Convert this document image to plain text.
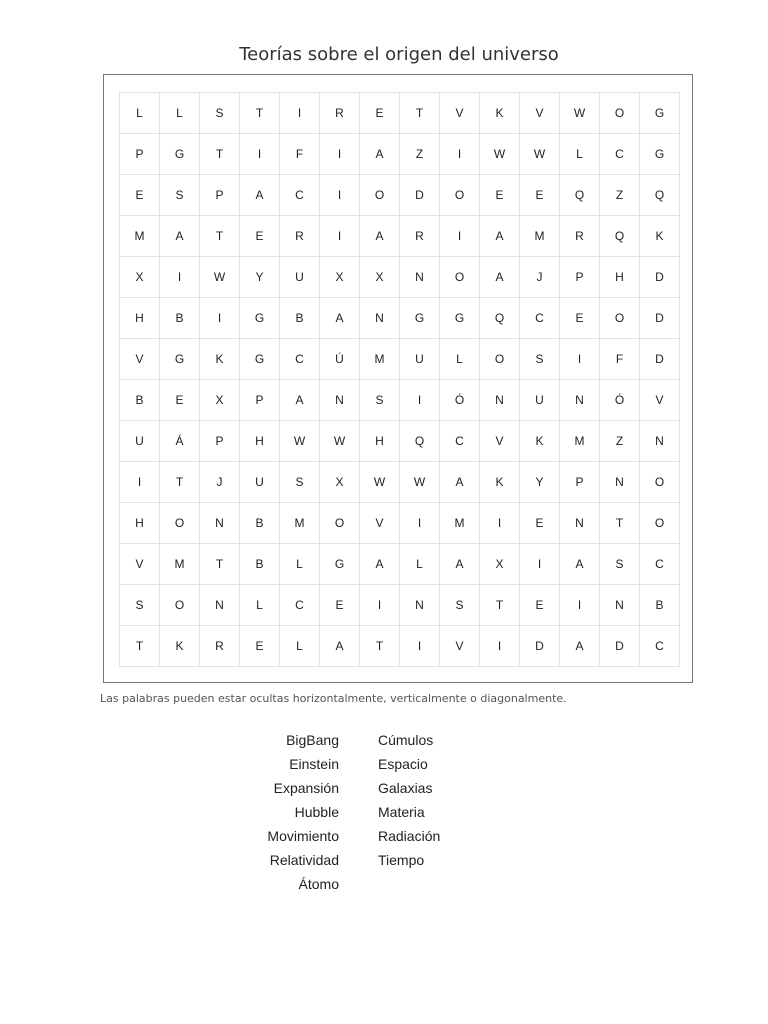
Teorías sobre el origen del universo
L	L	S	T	I	R	E	T	V	K	V	W	O	G
P	G	T	I	F	I	A	Z	I	W	W	L	C	G
E	S	P	A	C	I	O	D	O	E	E	Q	Z	Q
M	A	T	E	R	I	A	R	I	A	M	R	Q	K
X	I	W	Y	U	X	X	N	O	A	J	P	H	D
H	B	I	G	B	A	N	G	G	Q	C	E	O	D
V	G	K	G	C	Ú	M	U	L	O	S	I	F	D
B	E	X	P	A	N	S	I	Ó	N	U	N	Ó	V
U	Á	P	H	W	W	H	Q	C	V	K	M	Z	N
I	T	J	U	S	X	W	W	A	K	Y	P	N	O
H	O	N	B	M	O	V	I	M	I	E	N	T	O
V	M	T	B	L	G	A	L	A	X	I	A	S	C
S	O	N	L	C	E	I	N	S	T	E	I	N	B
T	K	R	E	L	A	T	I	V	I	D	A	D	C
Las palabras pueden estar ocultas horizontalmente, verticalmente o diagonalmente.
BigBang
Einstein
Expansión
Hubble
Movimiento
Relatividad
Átomo
Cúmulos
Espacio
Galaxias
Materia
Radiación
Tiempo
